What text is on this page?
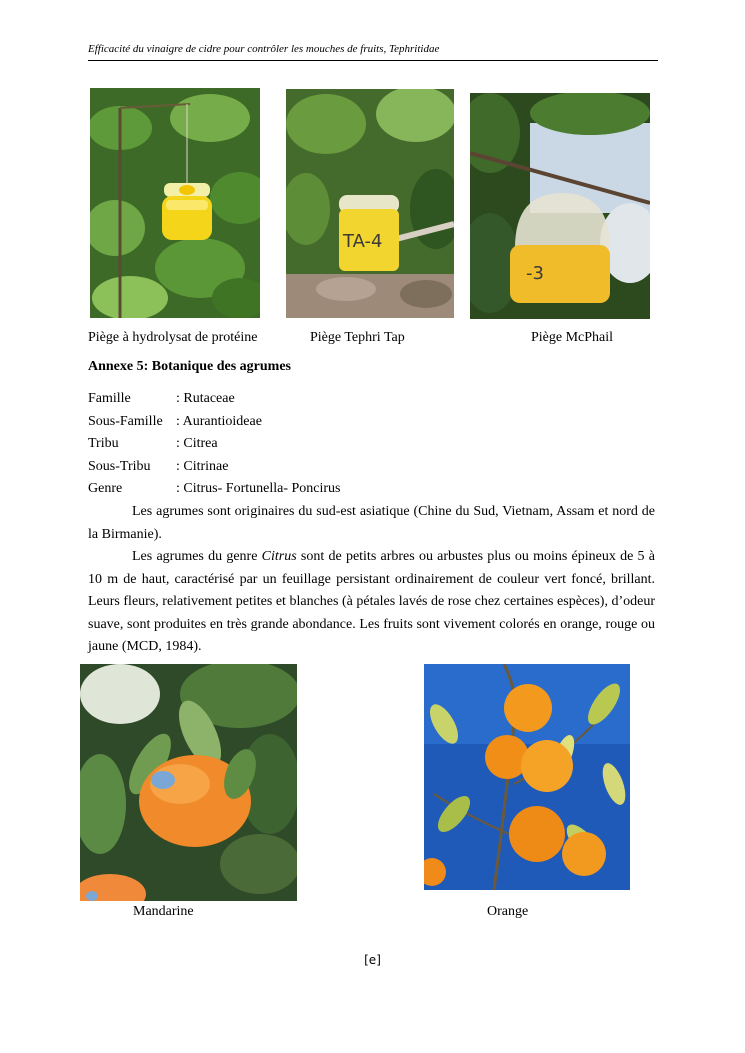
Efficacité du vinaigre de cidre pour contrôler les mouches de fruits, Tephritidae
TA-4
-3
Piège à hydrolysat de protéine	Piège Tephri Tap	Piège McPhail
Annexe 5: Botanique des agrumes
Famille	: Rutaceae
Sous-Famille : Aurantioideae
Tribu	: Citrea
Sous-Tribu : Citrinae
Genre	: Citrus- Fortunella- Poncirus
Les agrumes sont originaires du sud-est asiatique (Chine du Sud, Vietnam, Assam et nord de la Birmanie).
Les agrumes du genre Citrus sont de petits arbres ou arbustes plus ou moins épineux de 5 à 10 m de haut, caractérisé par un feuillage persistant ordinairement de couleur vert foncé, brillant. Leurs fleurs, relativement petites et blanches (à pétales lavés de rose chez certaines espèces), d’odeur suave, sont produites en très grande abondance. Les fruits sont vivement colorés en orange, rouge ou jaune (MCD, 1984).
Mandarine	Orange
[e]
